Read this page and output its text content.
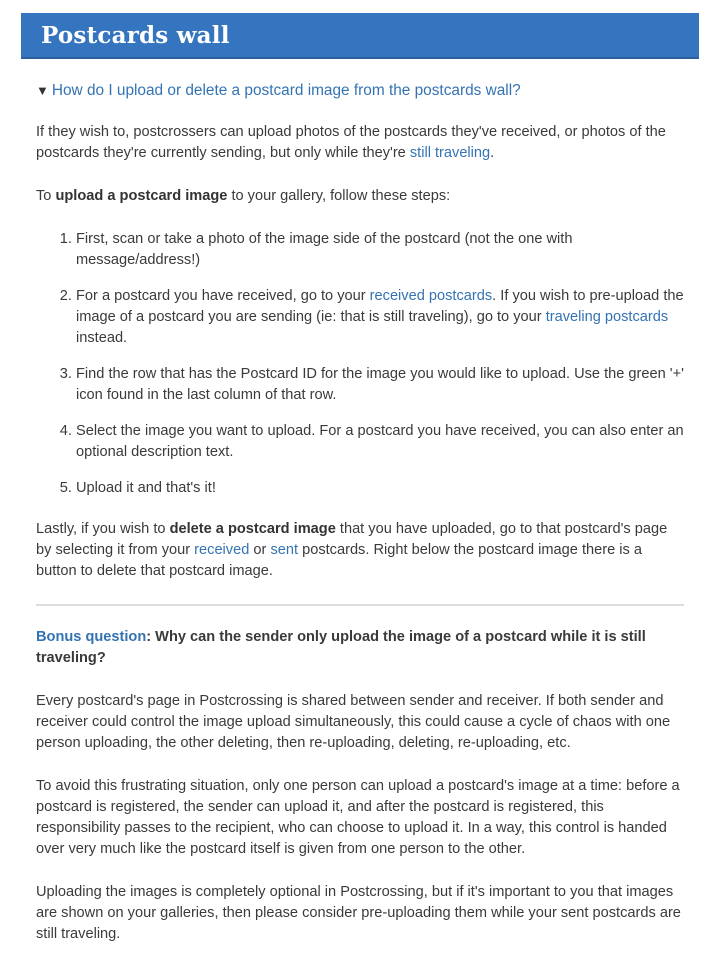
Postcards wall
▼ How do I upload or delete a postcard image from the postcards wall?

If they wish to, postcrossers can upload photos of the postcards they've received, or photos of the postcards they're currently sending, but only while they're still traveling.

To upload a postcard image to your gallery, follow these steps:

1. First, scan or take a photo of the image side of the postcard (not the one with message/address!)
2. For a postcard you have received, go to your received postcards. If you wish to pre-upload the image of a postcard you are sending (ie: that is still traveling), go to your traveling postcards instead.
3. Find the row that has the Postcard ID for the image you would like to upload. Use the green '+' icon found in the last column of that row.
4. Select the image you want to upload. For a postcard you have received, you can also enter an optional description text.
5. Upload it and that's it!

Lastly, if you wish to delete a postcard image that you have uploaded, go to that postcard's page by selecting it from your received or sent postcards. Right below the postcard image there is a button to delete that postcard image.

Bonus question: Why can the sender only upload the image of a postcard while it is still traveling?

Every postcard's page in Postcrossing is shared between sender and receiver. If both sender and receiver could control the image upload simultaneously, this could cause a cycle of chaos with one person uploading, the other deleting, then re-uploading, deleting, re-uploading, etc.

To avoid this frustrating situation, only one person can upload a postcard's image at a time: before a postcard is registered, the sender can upload it, and after the postcard is registered, this responsibility passes to the recipient, who can choose to upload it. In a way, this control is handed over very much like the postcard itself is given from one person to the other.

Uploading the images is completely optional in Postcrossing, but if it's important to you that images are shown on your galleries, then please consider pre-uploading them while your sent postcards are still traveling.
